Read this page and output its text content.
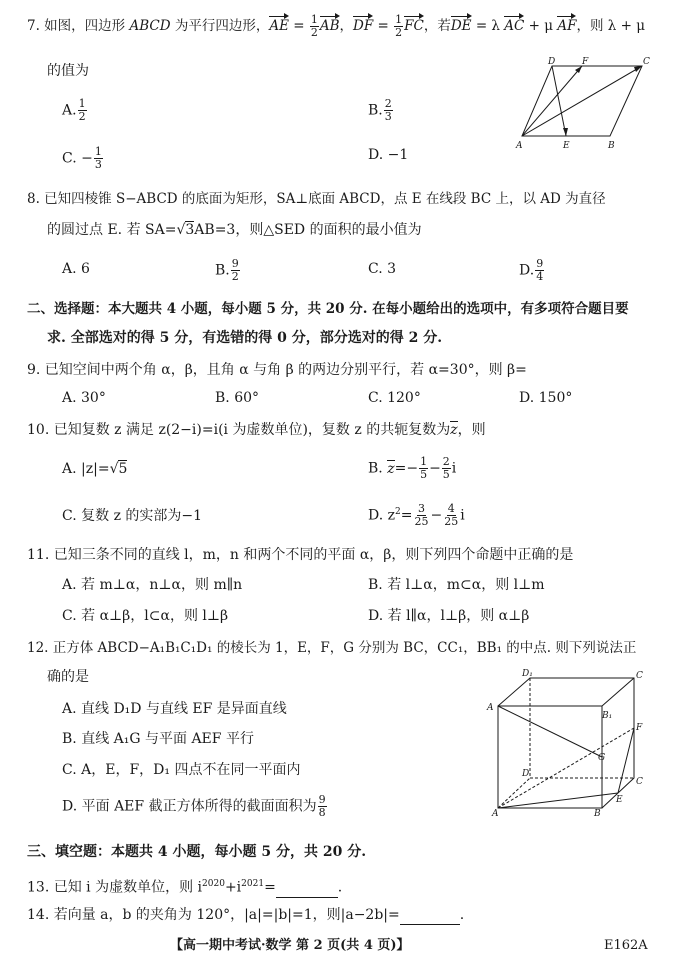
7. 如图，四边形 ABCD 为平行四边形，AE = $\frac{1}{2}$ AB，DF = $\frac{1}{2}$ FC，若DE = λ AC + μ AF，则 λ + μ
的值为
A. $\frac{1}{2}$	B. $\frac{2}{3}$
C. − $\frac{1}{3}$	D. −1
D	F	C
A	E	B
8. 已知四棱锥 S−ABCD 的底面为矩形，SA⊥底面 ABCD，点 E 在线段 BC 上，以 AD 为直径
的圆过点 E. 若 SA=√3AB=3，则△SED 的面积的最小值为
A. 6	B. $\frac{9}{2}$	C. 3	D. $\frac{9}{4}$
二、选择题：本大题共 4 小题，每小题 5 分，共 20 分. 在每小题给出的选项中，有多项符合题目要
求. 全部选对的得 5 分，有选错的得 0 分，部分选对的得 2 分.
9. 已知空间中两个角 α，β，且角 α 与角 β 的两边分别平行，若 α=30°，则 β=
A. 30°	B. 60°	C. 120°	D. 150°
10. 已知复数 z 满足 z(2−i)=i(i 为虚数单位)，复数 z 的共轭复数为z，则
A. |z|=√5	B. $z=- \frac{1}{5} - \frac{2}{5}$ i
C. 复数 z 的实部为−1	D. $z^2= \frac{3}{25} - \frac{4}{25}$ i
11. 已知三条不同的直线 l，m，n 和两个不同的平面 α，β，则下列四个命题中正确的是
A. 若 m⊥α，n⊥α，则 m∥n	B. 若 l⊥α，m⊂α，则 l⊥m
C. 若 α⊥β，l⊂α，则 l⊥β	D. 若 l∥α，l⊥β，则 α⊥β
12. 正方体 ABCD−A₁B₁C₁D₁ 的棱长为 1，E，F，G 分别为 BC，CC₁，BB₁ 的中点. 则下列说法正
确的是
A. 直线 D₁D 与直线 EF 是异面直线
B. 直线 A₁G 与平面 AEF 平行
C. A，E，F，D₁ 四点不在同一平面内
D. 平面 AEF 截正方体所得的截面面积为 $\frac{9}{8}$
D₁	C
A
B₁
F
G
D
C
A	B
E
三、填空题：本题共 4 小题，每小题 5 分，共 20 分.
13. 已知 i 为虚数单位，则 $i^{2020}+i^{2021}=$	.
14. 若向量 a，b 的夹角为 120°，|a|=|b|=1，则|a−2b|=	.
【高一期中考试·数学 第 2 页(共 4 页)】	E162A
